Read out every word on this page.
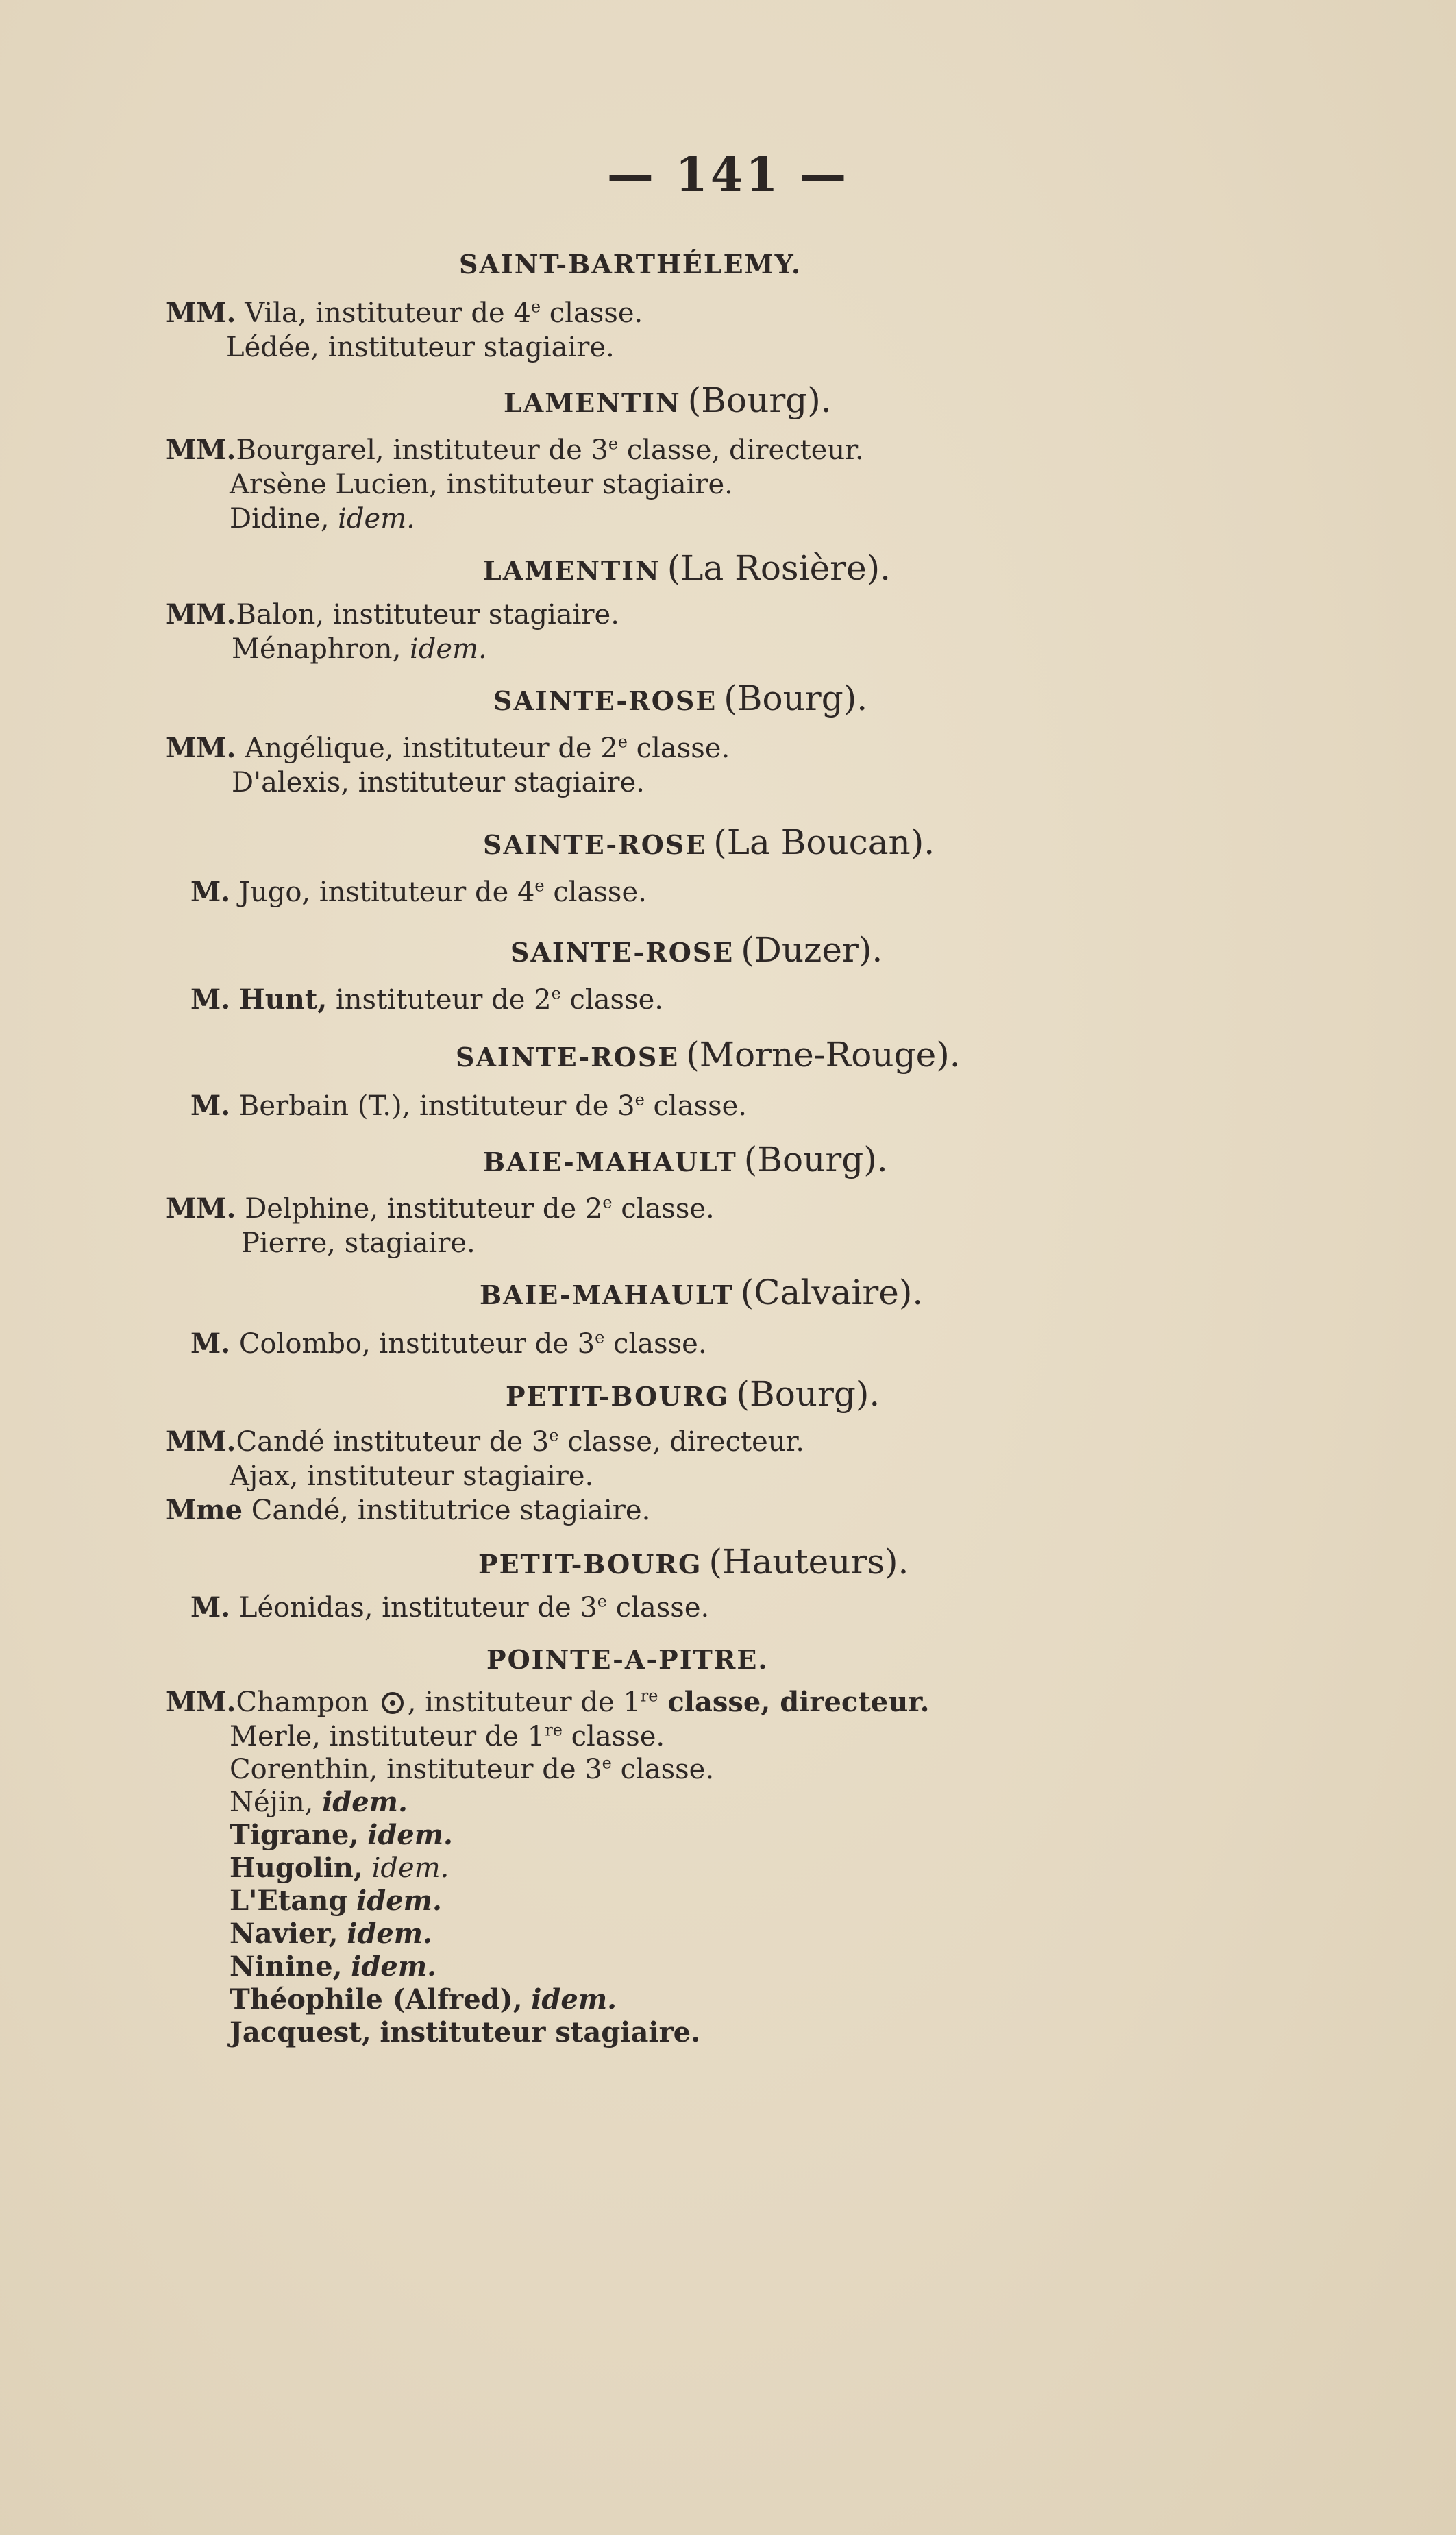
— 141 —
SAINT-BARTHÉLEMY.
MM. Vila, instituteur de 4e classe.
Lédée, instituteur stagiaire.
LAMENTIN (Bourg).
MM.Bourgarel, instituteur de 3e classe, directeur.
Arsène Lucien, instituteur stagiaire.
Didine, idem.
LAMENTIN (La Rosière).
MM.Balon, instituteur stagiaire.
Ménaphron, idem.
SAINTE-ROSE (Bourg).
MM. Angélique, instituteur de 2e classe.
D'alexis, instituteur stagiaire.
SAINTE-ROSE (La Boucan).
M. Jugo, instituteur de 4e classe.
SAINTE-ROSE (Duzer).
M. Hunt, instituteur de 2e classe.
SAINTE-ROSE (Morne-Rouge).
M. Berbain (T.), instituteur de 3e classe.
BAIE-MAHAULT (Bourg).
MM. Delphine, instituteur de 2e classe.
Pierre, stagiaire.
BAIE-MAHAULT (Calvaire).
M. Colombo, instituteur de 3e classe.
PETIT-BOURG (Bourg).
MM.Candé instituteur de 3e classe, directeur.
Ajax, instituteur stagiaire.
Mme Candé, institutrice stagiaire.
PETIT-BOURG (Hauteurs).
M. Léonidas, instituteur de 3e classe.
POINTE-A-PITRE.
MM.Champon , instituteur de 1re classe, directeur.
Merle, instituteur de 1re classe.
Corenthin, instituteur de 3e classe.
Néjin, idem.
Tigrane, idem.
Hugolin, idem.
L'Etang idem.
Navier, idem.
Ninine, idem.
Théophile (Alfred), idem.
Jacquest, instituteur stagiaire.
